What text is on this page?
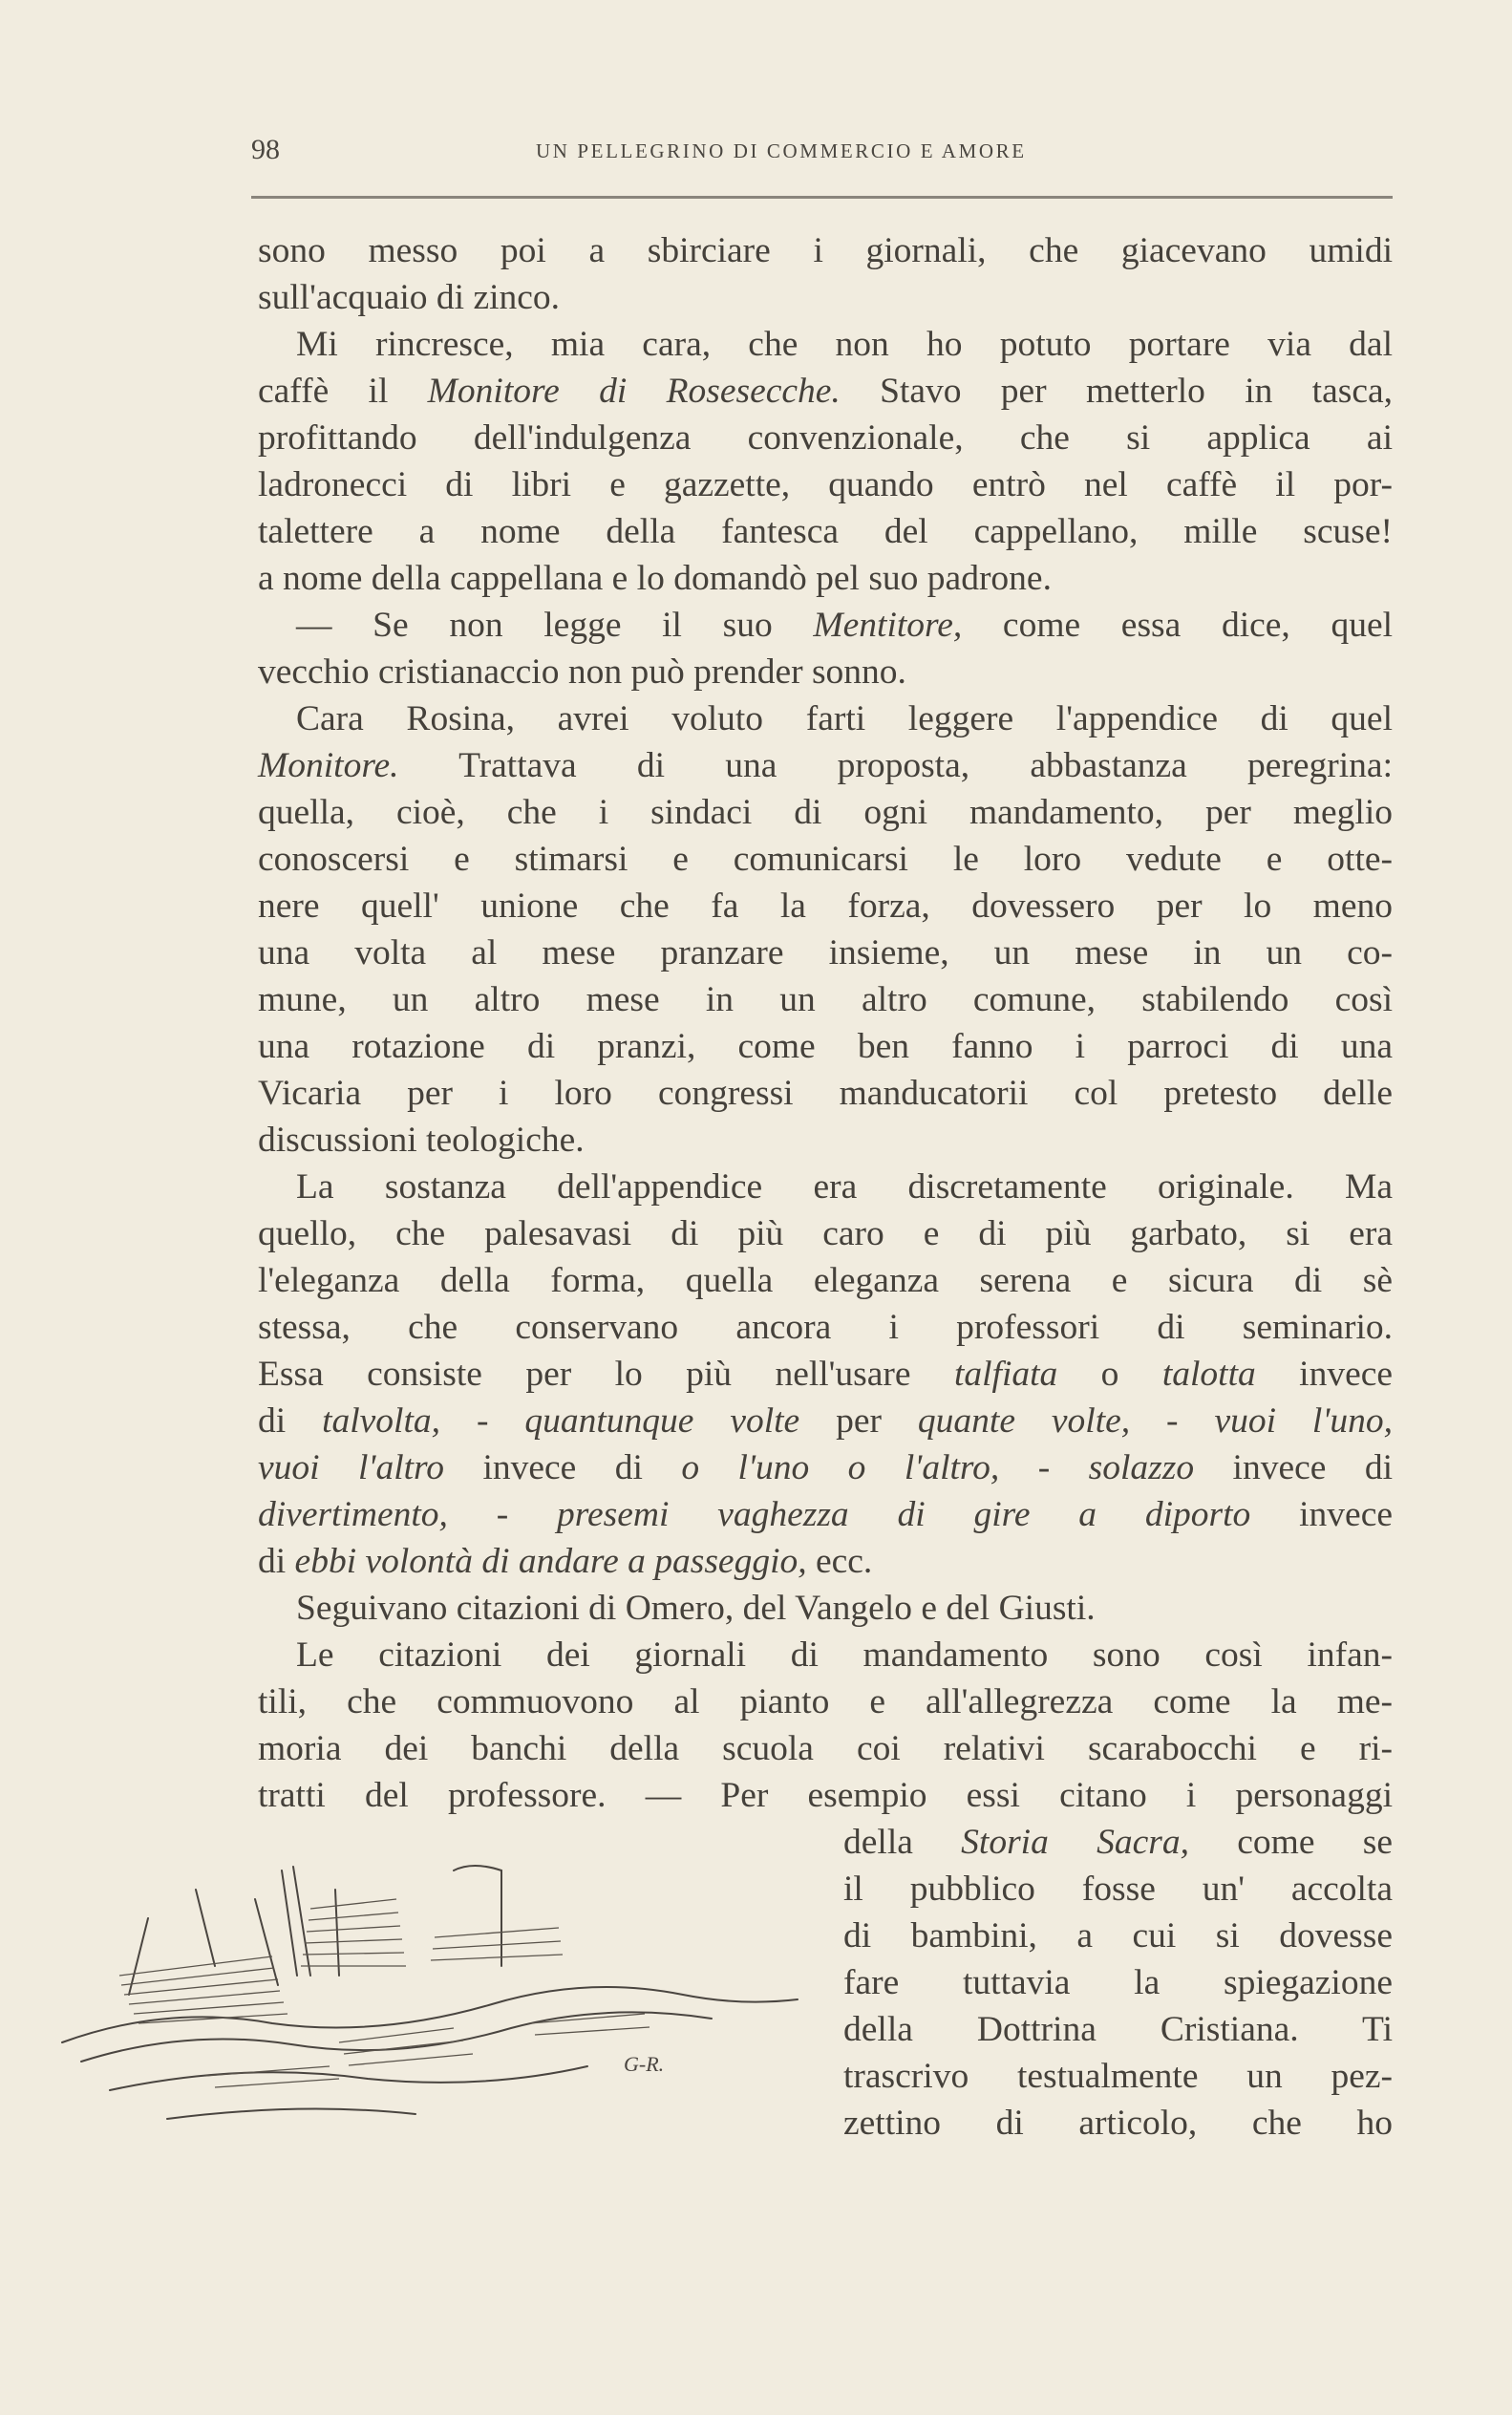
98	UN PELLEGRINO DI COMMERCIO E AMORE
sono messo poi a sbirciare i giornali, che giacevano umidi
sull'acquaio di zinco.
Mi rincresce, mia cara, che non ho potuto portare via dal
caffè il Monitore di Rosesecche. Stavo per metterlo in tasca,
profittando dell'indulgenza convenzionale, che si applica ai
ladronecci di libri e gazzette, quando entrò nel caffè il por-
talettere a nome della fantesca del cappellano, mille scuse!
a nome della cappellana e lo domandò pel suo padrone.
— Se non legge il suo Mentitore, come essa dice, quel
vecchio cristianaccio non può prender sonno.
Cara Rosina, avrei voluto farti leggere l'appendice di quel
Monitore. Trattava di una proposta, abbastanza peregrina:
quella, cioè, che i sindaci di ogni mandamento, per meglio
conoscersi e stimarsi e comunicarsi le loro vedute e otte-
nere quell' unione che fa la forza, dovessero per lo meno
una volta al mese pranzare insieme, un mese in un co-
mune, un altro mese in un altro comune, stabilendo così
una rotazione di pranzi, come ben fanno i parroci di una
Vicaria per i loro congressi manducatorii col pretesto delle
discussioni teologiche.
La sostanza dell'appendice era discretamente originale. Ma
quello, che palesavasi di più caro e di più garbato, si era
l'eleganza della forma, quella eleganza serena e sicura di sè
stessa, che conservano ancora i professori di seminario.
Essa consiste per lo più nell'usare talfiata o talotta invece
di talvolta, - quantunque volte per quante volte, - vuoi l'uno,
vuoi l'altro invece di o l'uno o l'altro, - solazzo invece di
divertimento, - presemi vaghezza di gire a diporto invece
di ebbi volontà di andare a passeggio, ecc.
Seguivano citazioni di Omero, del Vangelo e del Giusti.
Le citazioni dei giornali di mandamento sono così infan-
tili, che commuovono al pianto e all'allegrezza come la me-
moria dei banchi della scuola coi relativi scarabocchi e ri-
tratti del professore. — Per esempio essi citano i personaggi
della Storia Sacra, come se
il pubblico fosse un' accolta
di bambini, a cui si dovesse
fare tuttavia la spiegazione
della Dottrina Cristiana. Ti
trascrivo testualmente un pez-
zettino di articolo, che ho
G-R.
